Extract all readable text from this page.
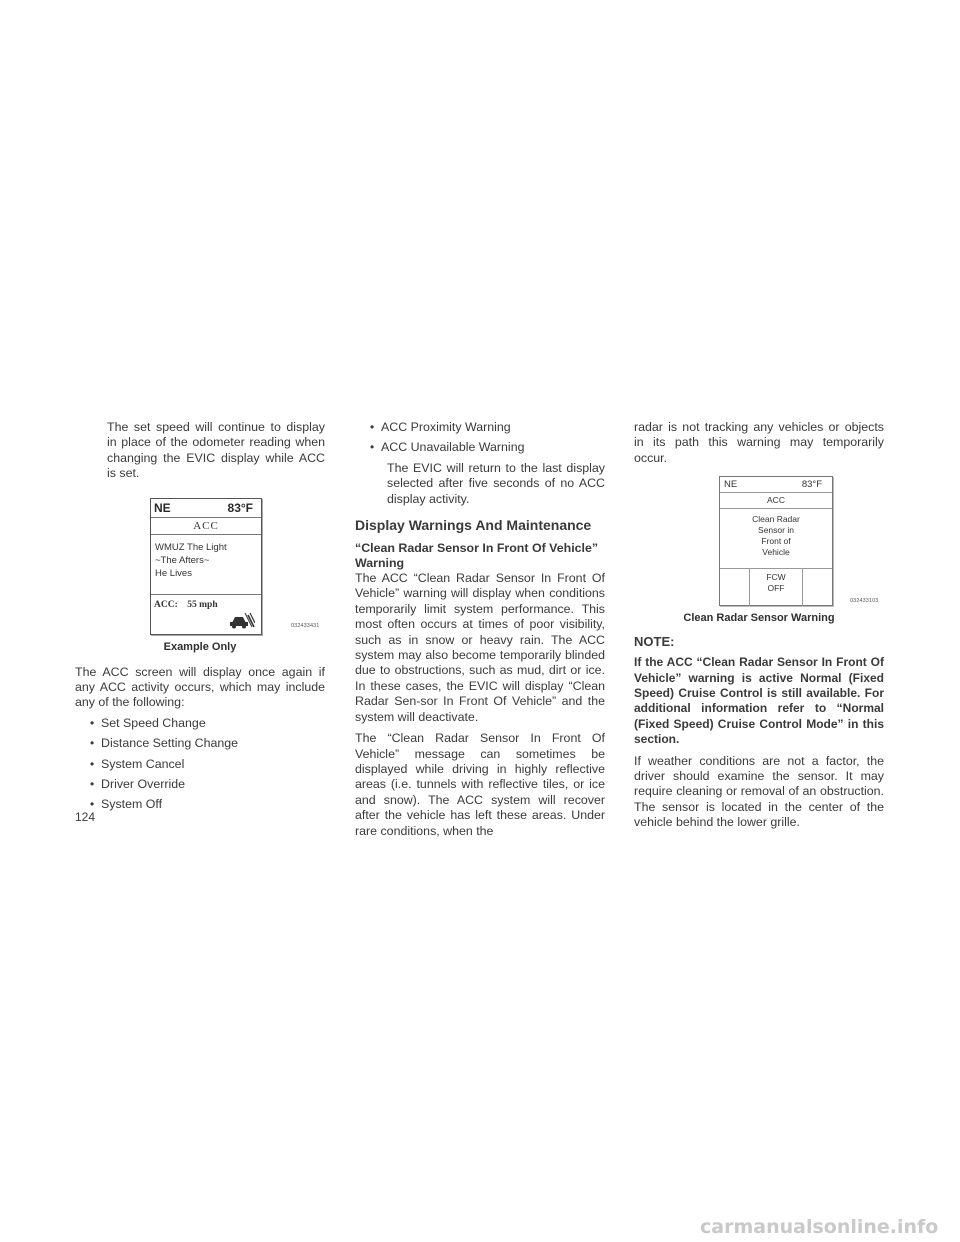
The set speed will continue to display in place of the odometer reading when changing the EVIC display while ACC is set.

NE	83°F
ACC
WMUZ The Light
~The Afters~
He Lives
ACC: 55 mph
032433431
Example Only

The ACC screen will display once again if any ACC activity occurs, which may include any of the following:

• Set Speed Change
• Distance Setting Change
• System Cancel
• Driver Override
• System Off
• ACC Proximity Warning
• ACC Unavailable Warning

The EVIC will return to the last display selected after five seconds of no ACC display activity.

Display Warnings And Maintenance
“Clean Radar Sensor In Front Of Vehicle” Warning

The ACC “Clean Radar Sensor In Front Of Vehicle” warning will display when conditions temporarily limit system performance. This most often occurs at times of poor visibility, such as in snow or heavy rain. The ACC system may also become temporarily blinded due to obstructions, such as mud, dirt or ice. In these cases, the EVIC will display “Clean Radar Sen-sor In Front Of Vehicle” and the system will deactivate.

The “Clean Radar Sensor In Front Of Vehicle” message can sometimes be displayed while driving in highly reflective areas (i.e. tunnels with reflective tiles, or ice and snow). The ACC system will recover after the vehicle has left these areas. Under rare conditions, when the

radar is not tracking any vehicles or objects in its path this warning may temporarily occur.

NE	83°F
ACC
Clean Radar
Sensor in
Front of
Vehicle
FCW
OFF
032433103
Clean Radar Sensor Warning
NOTE:

If the ACC “Clean Radar Sensor In Front Of Vehicle” warning is active Normal (Fixed Speed) Cruise Control is still available. For additional information refer to “Normal (Fixed Speed) Cruise Control Mode” in this section.

If weather conditions are not a factor, the driver should examine the sensor. It may require cleaning or removal of an obstruction. The sensor is located in the center of the vehicle behind the lower grille.

124
carmanualsonline.info
